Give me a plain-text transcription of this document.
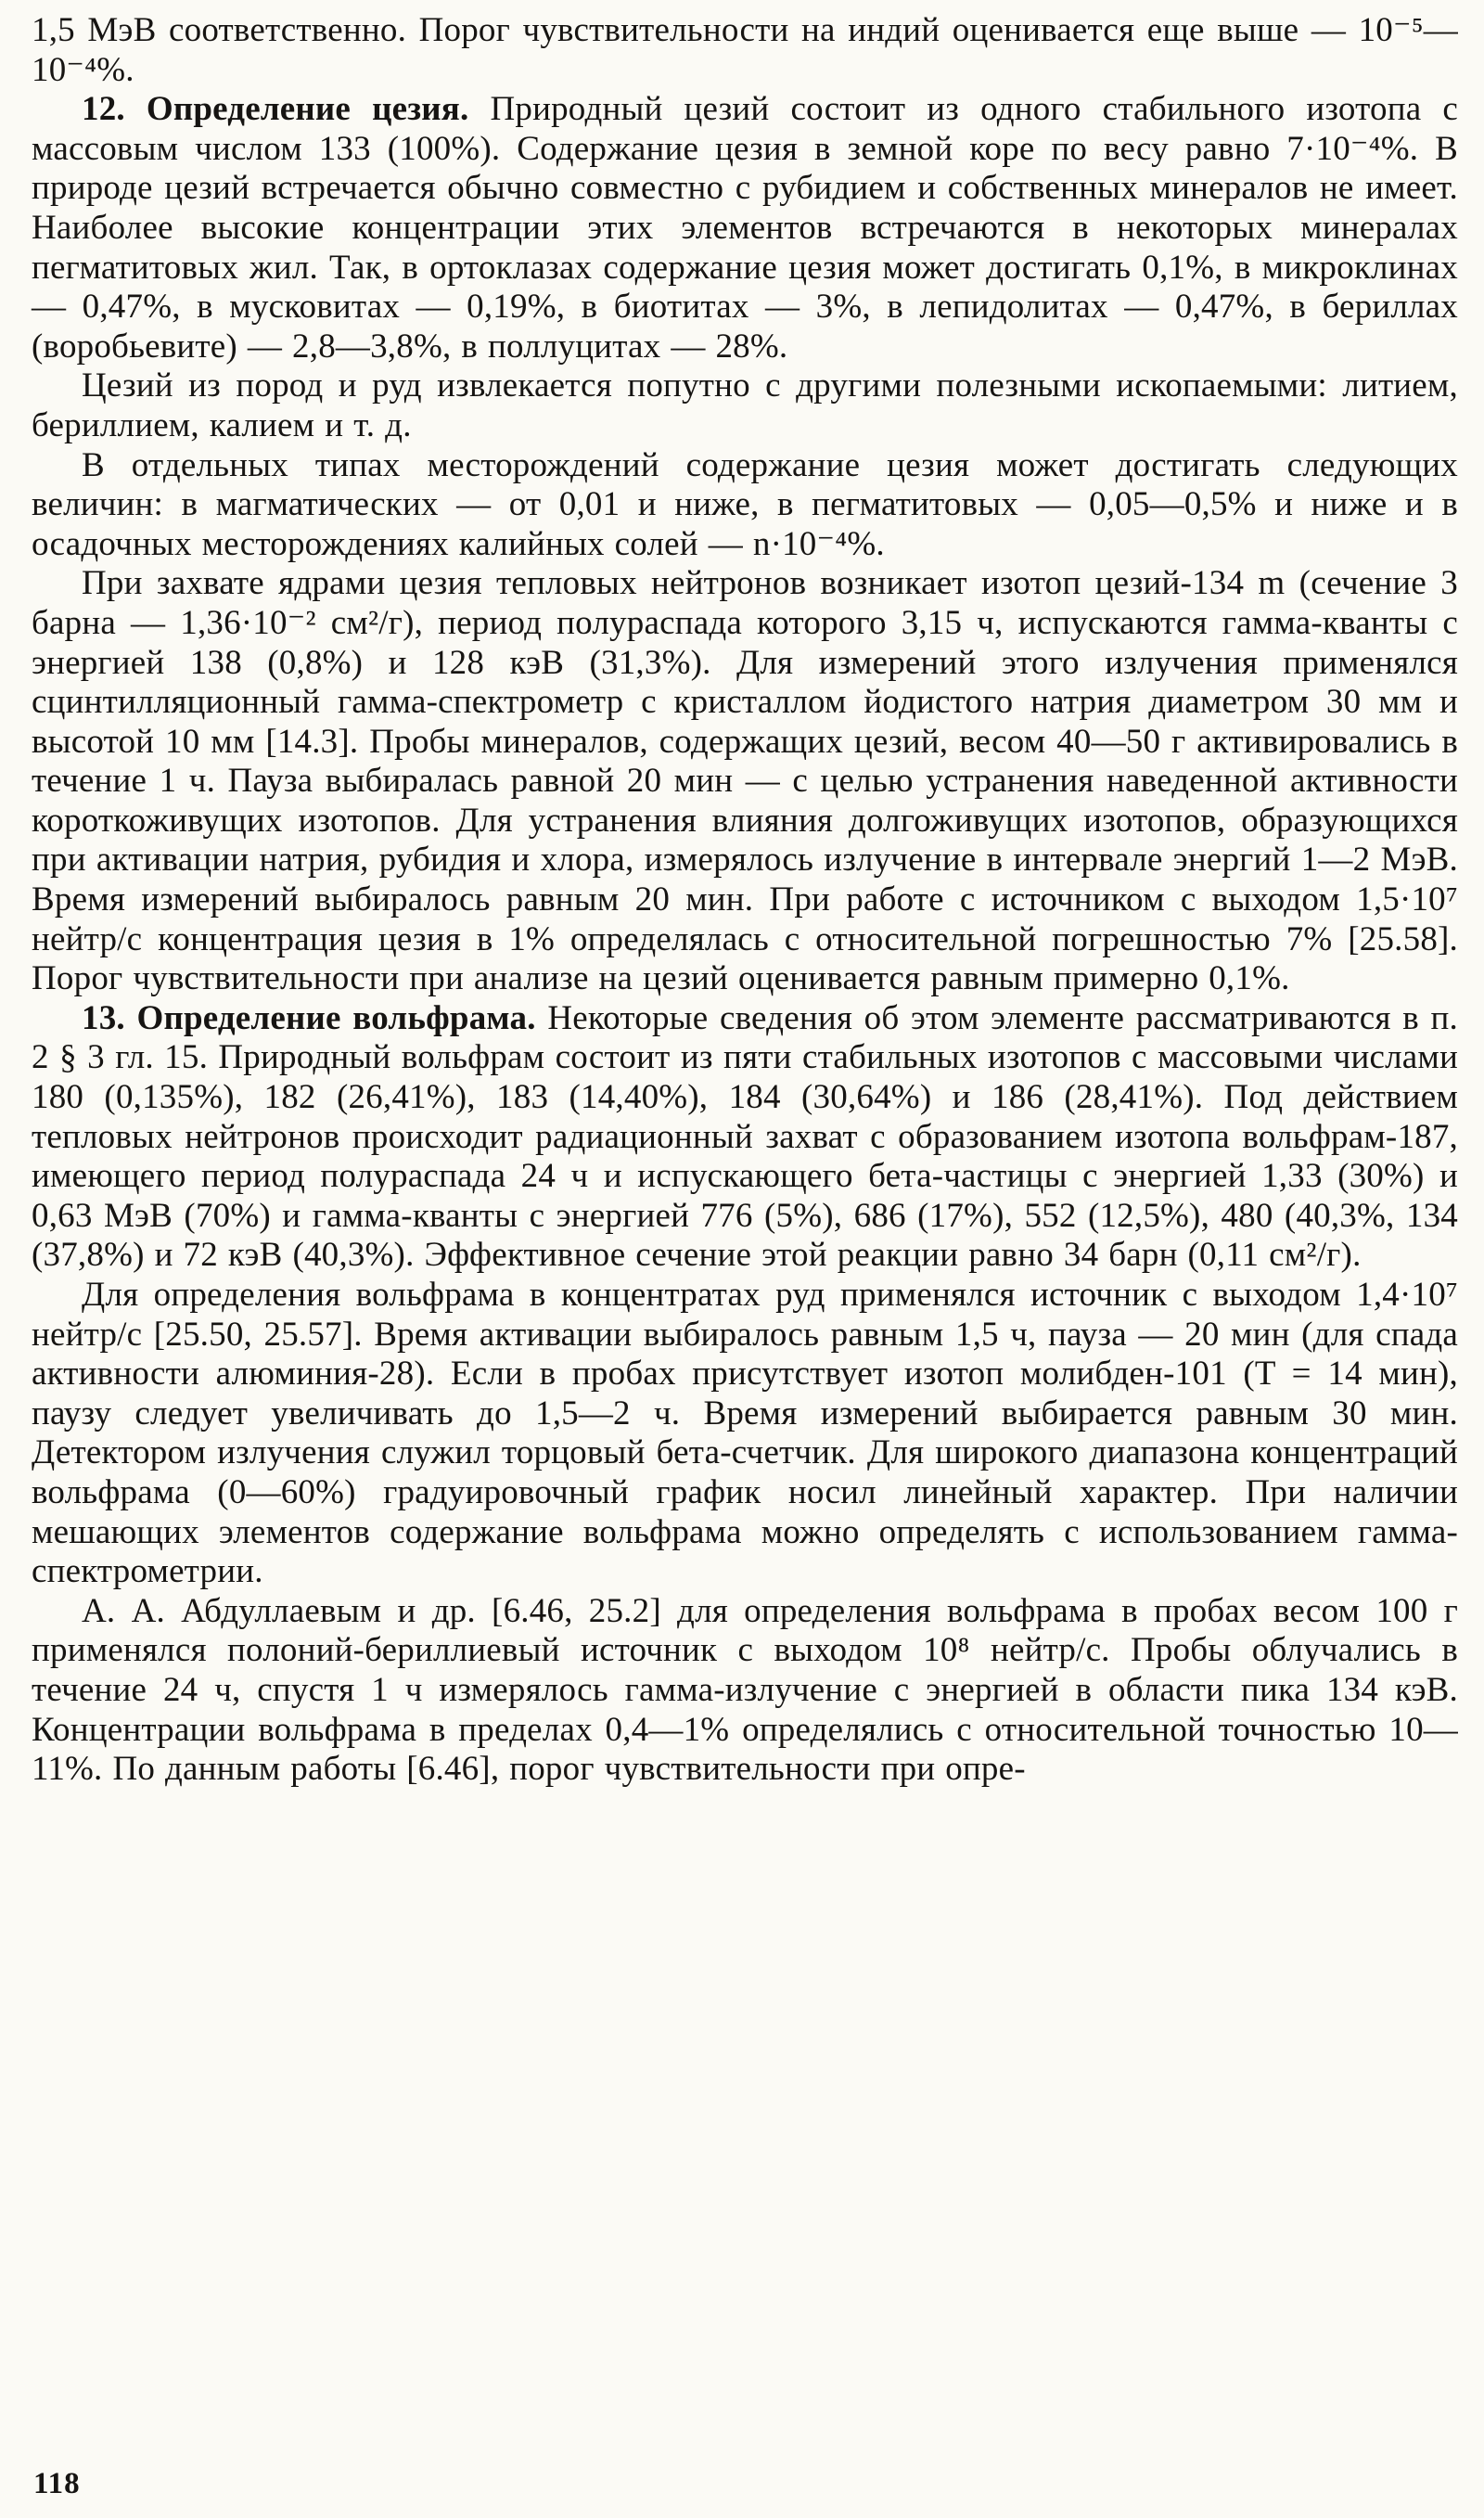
1,5 МэВ соответственно. Порог чувствительности на индий оценивается еще выше — 10⁻⁵—10⁻⁴%.

12. Определение цезия. Природный цезий состоит из одного стабильного изотопа с массовым числом 133 (100%). Содержание цезия в земной коре по весу равно 7·10⁻⁴%. В природе цезий встречается обычно совместно с рубидием и собственных минералов не имеет. Наиболее высокие концентрации этих элементов встречаются в некоторых минералах пегматитовых жил. Так, в ортоклазах содержание цезия может достигать 0,1%, в микроклинах — 0,47%, в мусковитах — 0,19%, в биотитах — 3%, в лепидолитах — 0,47%, в бериллах (воробьевите) — 2,8—3,8%, в поллуцитах — 28%.

Цезий из пород и руд извлекается попутно с другими полезными ископаемыми: литием, бериллием, калием и т. д.

В отдельных типах месторождений содержание цезия может достигать следующих величин: в магматических — от 0,01 и ниже, в пегматитовых — 0,05—0,5% и ниже и в осадочных месторождениях калийных солей — n·10⁻⁴%.

При захвате ядрами цезия тепловых нейтронов возникает изотоп цезий-134 m (сечение 3 барна — 1,36·10⁻² см²/г), период полураспада которого 3,15 ч, испускаются гамма-кванты с энергией 138 (0,8%) и 128 кэВ (31,3%). Для измерений этого излучения применялся сцинтилляционный гамма-спектрометр с кристаллом йодистого натрия диаметром 30 мм и высотой 10 мм [14.3]. Пробы минералов, содержащих цезий, весом 40—50 г активировались в течение 1 ч. Пауза выбиралась равной 20 мин — с целью устранения наведенной активности короткоживущих изотопов. Для устранения влияния долгоживущих изотопов, образующихся при активации натрия, рубидия и хлора, измерялось излучение в интервале энергий 1—2 МэВ. Время измерений выбиралось равным 20 мин. При работе с источником с выходом 1,5·10⁷ нейтр/с концентрация цезия в 1% определялась с относительной погрешностью 7% [25.58]. Порог чувствительности при анализе на цезий оценивается равным примерно 0,1%.

13. Определение вольфрама. Некоторые сведения об этом элементе рассматриваются в п. 2 § 3 гл. 15. Природный вольфрам состоит из пяти стабильных изотопов с массовыми числами 180 (0,135%), 182 (26,41%), 183 (14,40%), 184 (30,64%) и 186 (28,41%). Под действием тепловых нейтронов происходит радиационный захват с образованием изотопа вольфрам-187, имеющего период полураспада 24 ч и испускающего бета-частицы с энергией 1,33 (30%) и 0,63 МэВ (70%) и гамма-кванты с энергией 776 (5%), 686 (17%), 552 (12,5%), 480 (40,3%, 134 (37,8%) и 72 кэВ (40,3%). Эффективное сечение этой реакции равно 34 барн (0,11 см²/г).

Для определения вольфрама в концентратах руд применялся источник с выходом 1,4·10⁷ нейтр/с [25.50, 25.57]. Время активации выбиралось равным 1,5 ч, пауза — 20 мин (для спада активности алюминия-28). Если в пробах присутствует изотоп молибден-101 (T = 14 мин), паузу следует увеличивать до 1,5—2 ч. Время измерений выбирается равным 30 мин. Детектором излучения служил торцовый бета-счетчик. Для широкого диапазона концентраций вольфрама (0—60%) градуировочный график носил линейный характер. При наличии мешающих элементов содержание вольфрама можно определять с использованием гамма-спектрометрии.

А. А. Абдуллаевым и др. [6.46, 25.2] для определения вольфрама в пробах весом 100 г применялся полоний-бериллиевый источник с выходом 10⁸ нейтр/с. Пробы облучались в течение 24 ч, спустя 1 ч измерялось гамма-излучение с энергией в области пика 134 кэВ. Концентрации вольфрама в пределах 0,4—1% определялись с относительной точностью 10—11%. По данным работы [6.46], порог чувствительности при опре-

118
